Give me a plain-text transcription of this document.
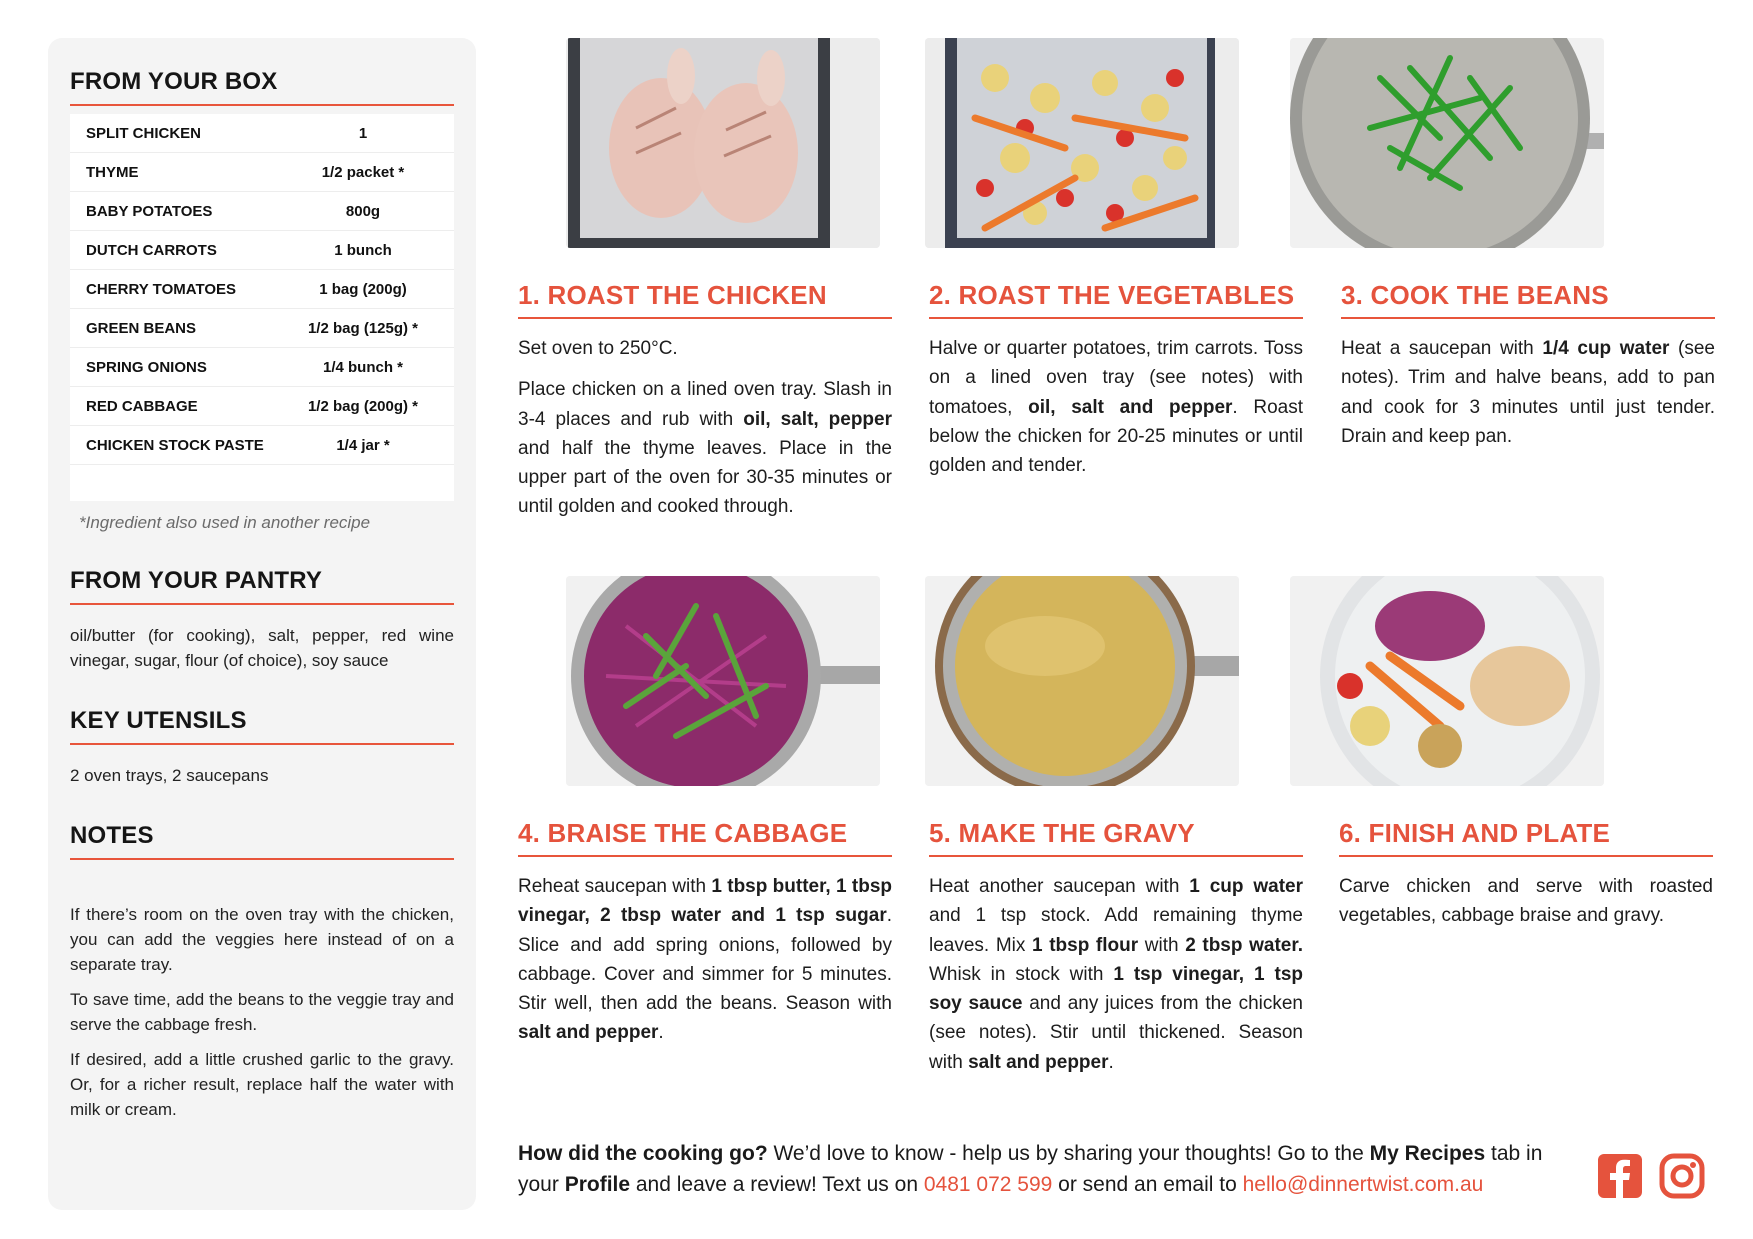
FROM YOUR BOX
SPLIT CHICKEN	1
THYME	1/2 packet *
BABY POTATOES	800g
DUTCH CARROTS	1 bunch
CHERRY TOMATOES	1 bag (200g)
GREEN BEANS	1/2 bag (125g) *
SPRING ONIONS	1/4 bunch *
RED CABBAGE	1/2 bag (200g) *
CHICKEN STOCK PASTE	1/4 jar *
*Ingredient also used in another recipe
FROM YOUR PANTRY
oil/butter (for cooking), salt, pepper, red wine vinegar, sugar, flour (of choice), soy sauce
KEY UTENSILS
2 oven trays, 2 saucepans
NOTES

If there’s room on the oven tray with the chicken, you can add the veggies here instead of on a separate tray.

To save time, add the beans to the veggie tray and serve the cabbage fresh.

If desired, add a little crushed garlic to the gravy. Or, for a richer result, replace half the water with milk or cream.

1. ROAST THE CHICKEN	2. ROAST THE VEGETABLES	3. COOK THE BEANS
4. BRAISE THE CABBAGE	5. MAKE THE GRAVY	6. FINISH AND PLATE

Set oven to 250°C.

Place chicken on a lined oven tray. Slash in 3-4 places and rub with oil, salt, pepper and half the thyme leaves. Place in the upper part of the oven for 30-35 minutes or until golden and cooked through.

Halve or quarter potatoes, trim carrots. Toss on a lined oven tray (see notes) with tomatoes, oil, salt and pepper. Roast below the chicken for 20-25 minutes or until golden and tender.

Heat a saucepan with 1/4 cup water (see notes). Trim and halve beans, add to pan and cook for 3 minutes until just tender. Drain and keep pan.

Reheat saucepan with 1 tbsp butter, 1 tbsp vinegar, 2 tbsp water and 1 tsp sugar. Slice and add spring onions, followed by cabbage. Cover and simmer for 5 minutes. Stir well, then add the beans. Season with salt and pepper.

Heat another saucepan with 1 cup water and 1 tsp stock. Add remaining thyme leaves. Mix 1 tbsp flour with 2 tbsp water. Whisk in stock with 1 tsp vinegar, 1 tsp soy sauce and any juices from the chicken (see notes). Stir until thickened. Season with salt and pepper.

Carve chicken and serve with roasted vegetables, cabbage braise and gravy.

How did the cooking go? We’d love to know - help us by sharing your thoughts! Go to the My Recipes tab in your Profile and leave a review! Text us on 0481 072 599 or send an email to hello@dinnertwist.com.au
